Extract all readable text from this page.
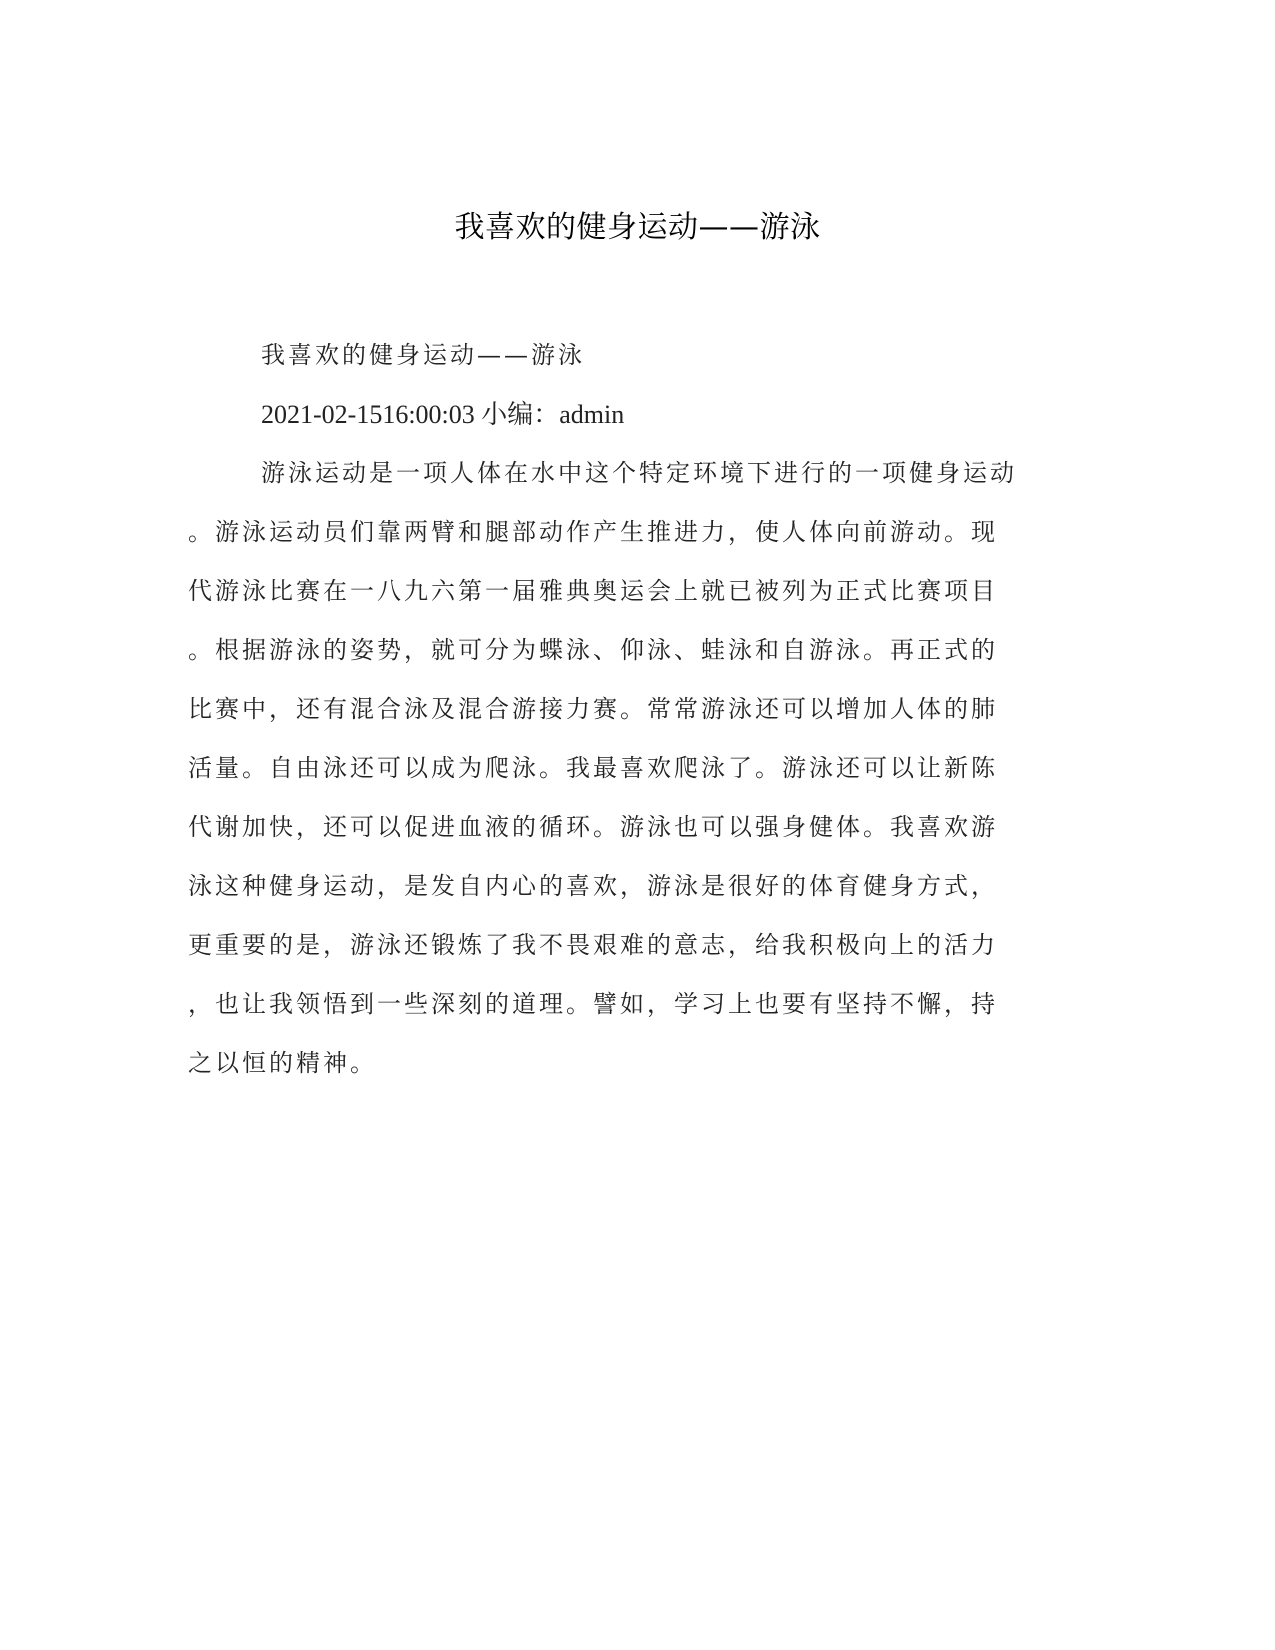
我喜欢的健身运动——游泳
我喜欢的健身运动——游泳
2021-02-1516:00:03 小编：admin
游泳运动是一项人体在水中这个特定环境下进行的一项健身运动
。游泳运动员们靠两臂和腿部动作产生推进力，使人体向前游动。现
代游泳比赛在一八九六第一届雅典奥运会上就已被列为正式比赛项目
。根据游泳的姿势，就可分为蝶泳、仰泳、蛙泳和自游泳。再正式的
比赛中，还有混合泳及混合游接力赛。常常游泳还可以增加人体的肺
活量。自由泳还可以成为爬泳。我最喜欢爬泳了。游泳还可以让新陈
代谢加快，还可以促进血液的循环。游泳也可以强身健体。我喜欢游
泳这种健身运动，是发自内心的喜欢，游泳是很好的体育健身方式，
更重要的是，游泳还锻炼了我不畏艰难的意志，给我积极向上的活力
，也让我领悟到一些深刻的道理。譬如，学习上也要有坚持不懈，持
之以恒的精神。
